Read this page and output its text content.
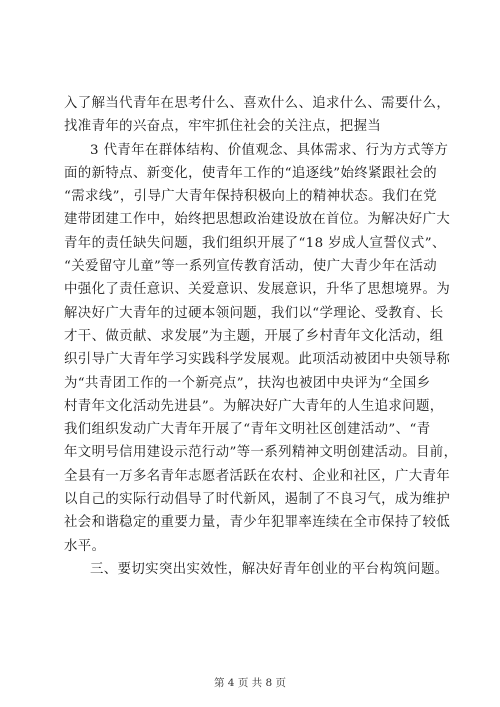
入了解当代青年在思考什么、喜欢什么、追求什么、需要什么，
找准青年的兴奋点，牢牢抓住社会的关注点，把握当
3 代青年在群体结构、价值观念、具体需求、行为方式等方
面的新特点、新变化，使青年工作的“追逐线”始终紧跟社会的
“需求线”，引导广大青年保持积极向上的精神状态。我们在党
建带团建工作中，始终把思想政治建设放在首位。为解决好广大
青年的责任缺失问题，我们组织开展了“18 岁成人宣誓仪式”、
“关爱留守儿童”等一系列宣传教育活动，使广大青少年在活动
中强化了责任意识、关爱意识、发展意识，升华了思想境界。为
解决好广大青年的过硬本领问题，我们以“学理论、受教育、长
才干、做贡献、求发展”为主题，开展了乡村青年文化活动，组
织引导广大青年学习实践科学发展观。此项活动被团中央领导称
为“共青团工作的一个新亮点”，扶沟也被团中央评为“全国乡
村青年文化活动先进县”。为解决好广大青年的人生追求问题，
我们组织发动广大青年开展了“青年文明社区创建活动”、“青
年文明号信用建设示范行动”等一系列精神文明创建活动。目前，
全县有一万多名青年志愿者活跃在农村、企业和社区，广大青年
以自己的实际行动倡导了时代新风，遏制了不良习气，成为维护
社会和谐稳定的重要力量，青少年犯罪率连续在全市保持了较低
水平。
三、要切实突出实效性，解决好青年创业的平台构筑问题。
第 4 页 共 8 页
